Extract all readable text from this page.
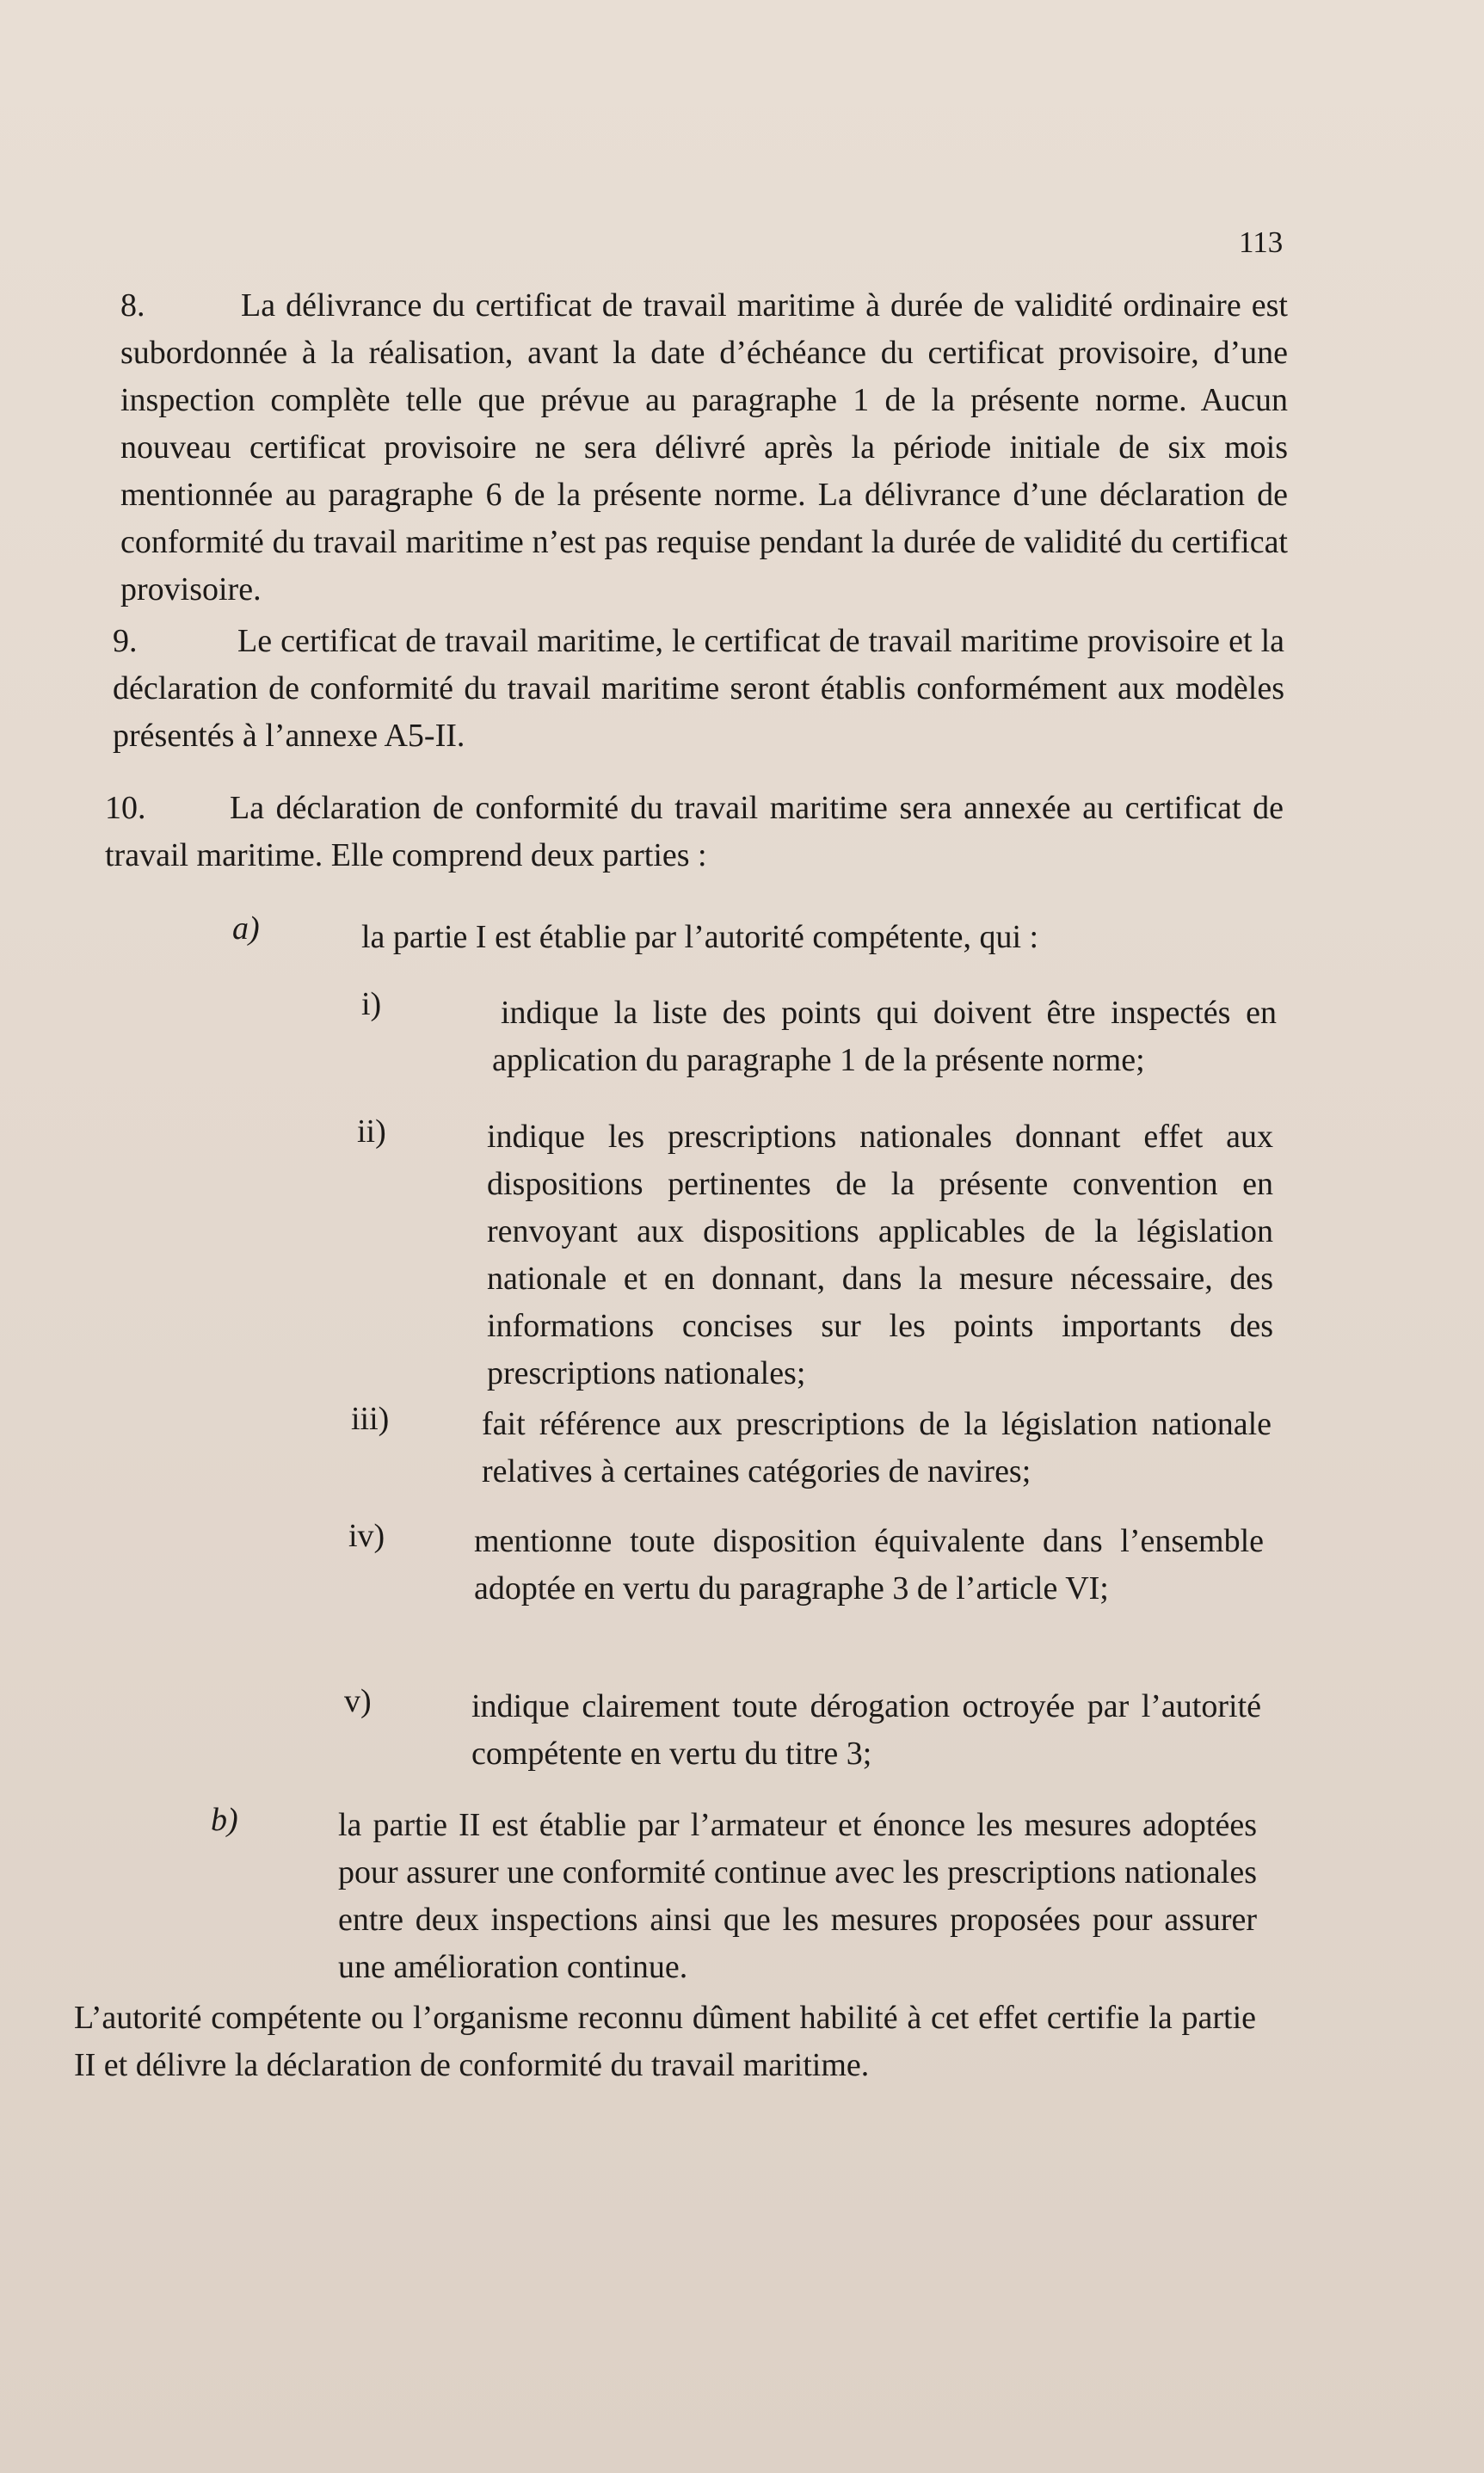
113

8.	La délivrance du certificat de travail maritime à durée de validité ordinaire est subordonnée à la réalisation, avant la date d’échéance du certificat provisoire, d’une inspection complète telle que prévue au paragraphe 1 de la présente norme. Aucun nouveau certificat provisoire ne sera délivré après la période initiale de six mois mentionnée au paragraphe 6 de la présente norme. La délivrance d’une déclaration de conformité du travail maritime n’est pas requise pendant la durée de validité du certificat provisoire.

9.	Le certificat de travail maritime, le certificat de travail maritime provisoire et la déclaration de conformité du travail maritime seront établis conformément aux modèles présentés à l’annexe A5-II.

10.	La déclaration de conformité du travail maritime sera annexée au certificat de travail maritime. Elle comprend deux parties :

a)	la partie I est établie par l’autorité compétente, qui :

i)	indique la liste des points qui doivent être inspectés en application du paragraphe 1 de la présente norme;

ii)	indique les prescriptions nationales donnant effet aux dispositions pertinentes de la présente convention en renvoyant aux dispositions applicables de la législation nationale et en donnant, dans la mesure nécessaire, des informations concises sur les points importants des prescriptions nationales;

iii)	fait référence aux prescriptions de la législation nationale relatives à certaines catégories de navires;

iv)	mentionne toute disposition équivalente dans l’ensemble adoptée en vertu du paragraphe 3 de l’article VI;

v)	indique clairement toute dérogation octroyée par l’autorité compétente en vertu du titre 3;

b)	la partie II est établie par l’armateur et énonce les mesures adoptées pour assurer une conformité continue avec les prescriptions nationales entre deux inspections ainsi que les mesures proposées pour assurer une amélioration continue.

L’autorité compétente ou l’organisme reconnu dûment habilité à cet effet certifie la partie II et délivre la déclaration de conformité du travail maritime.
